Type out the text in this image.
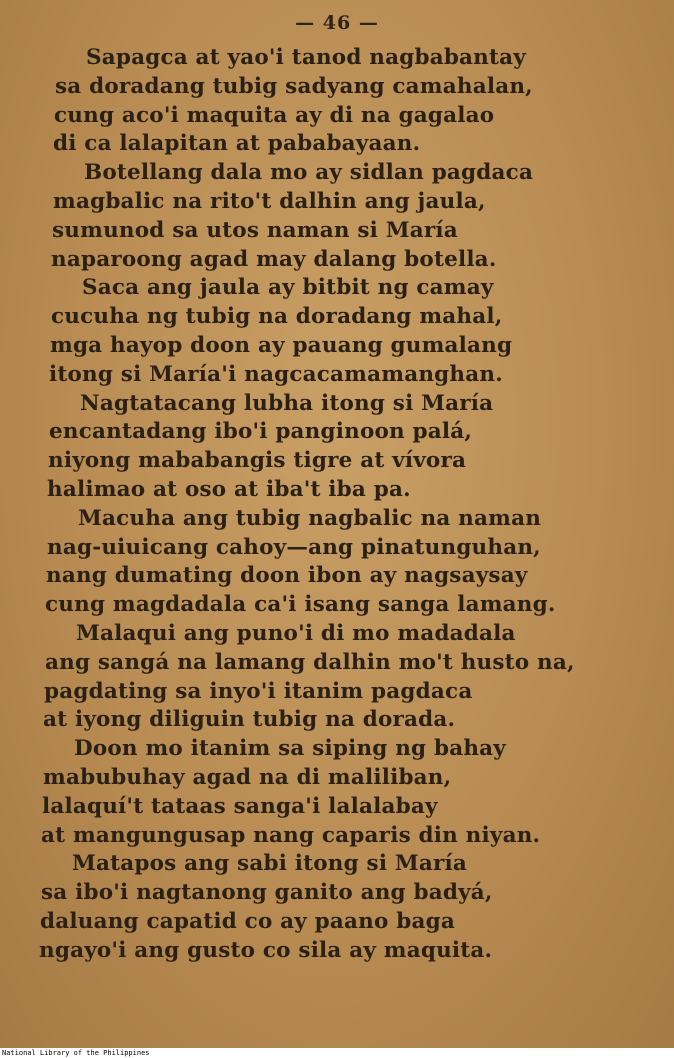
— 46 —
Sapagca at yao'i tanod nagbabantay
sa doradang tubig sadyang camahalan,
cung aco'i maquita ay di na gagalao
di ca lalapitan at pababayaan.
Botellang dala mo ay sidlan pagdaca
magbalic na rito't dalhin ang jaula,
sumunod sa utos naman si María
naparoong agad may dalang botella.
Saca ang jaula ay bitbit ng camay
cucuha ng tubig na doradang mahal,
mga hayop doon ay pauang gumalang
itong si María'i nagcacamamanghan.
Nagtatacang lubha itong si María
encantadang ibo'i panginoon palá,
niyong mababangis tigre at vívora
halimao at oso at iba't iba pa.
Macuha ang tubig nagbalic na naman
nag-uiuicang cahoy—ang pinatunguhan,
nang dumating doon ibon ay nagsaysay
cung magdadala ca'i isang sanga lamang.
Malaqui ang puno'i di mo madadala
ang sangá na lamang dalhin mo't husto na,
pagdating sa inyo'i itanim pagdaca
at iyong diliguin tubig na dorada.
Doon mo itanim sa siping ng bahay
mabubuhay agad na di maliliban,
lalaquí't tataas sanga'i lalalabay
at mangungusap nang caparis din niyan.
Matapos ang sabi itong si María
sa ibo'i nagtanong ganito ang badyá,
daluang capatid co ay paano baga
ngayo'i ang gusto co sila ay maquita.
National Library of the Philippines
